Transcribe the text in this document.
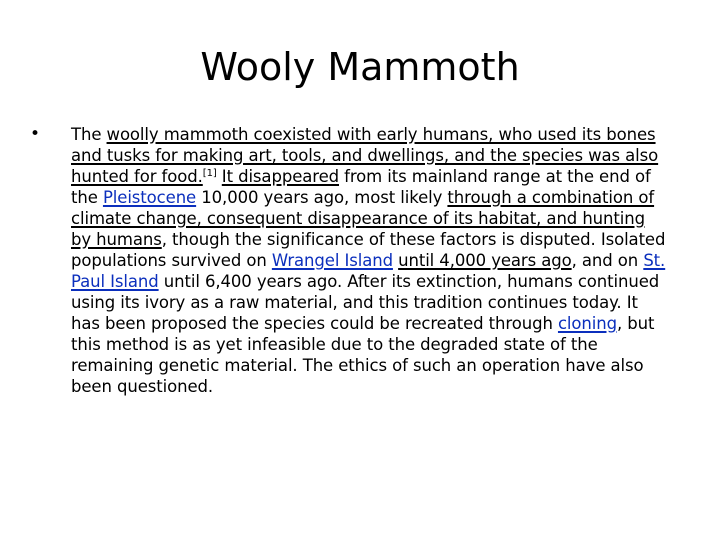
Wooly Mammoth
•	The woolly mammoth coexisted with early humans, who used its bones and tusks for making art, tools, and dwellings, and the species was also hunted for food.[1] It disappeared from its mainland range at the end of the Pleistocene 10,000 years ago, most likely through a combination of climate change, consequent disappearance of its habitat, and hunting by humans, though the significance of these factors is disputed. Isolated populations survived on Wrangel Island until 4,000 years ago, and on St. Paul Island until 6,400 years ago. After its extinction, humans continued using its ivory as a raw material, and this tradition continues today. It has been proposed the species could be recreated through cloning, but this method is as yet infeasible due to the degraded state of the remaining genetic material. The ethics of such an operation have also been questioned.
